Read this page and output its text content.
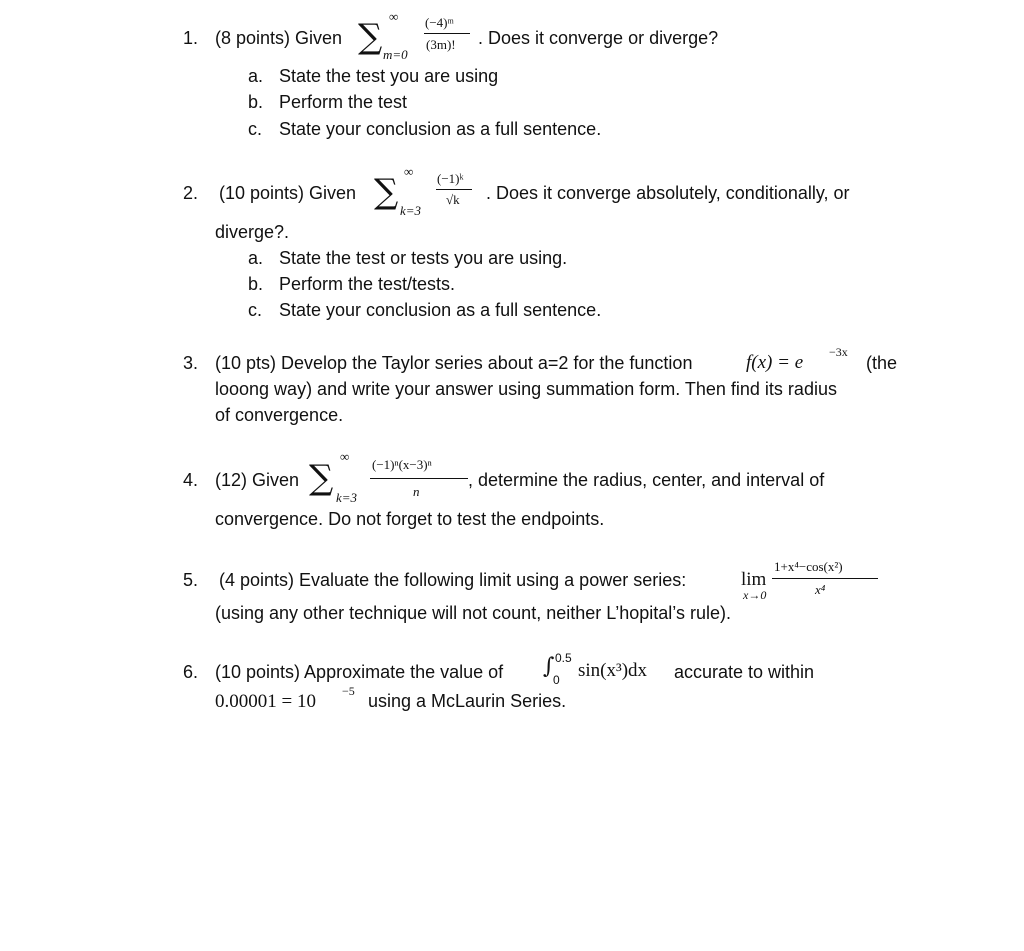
1. (8 points) Given ∑
∞
m=0
(−4)ᵐ
(3m)! . Does it converge or diverge?
a. State the test you are using
b. Perform the test
c. State your conclusion as a full sentence.
2. (10 points) Given ∑
∞
k=3
(−1)ᵏ
√k . Does it converge absolutely, conditionally, or
diverge?.
a. State the test or tests you are using.
b. Perform the test/tests.
c. State your conclusion as a full sentence.
3. (10 pts) Develop the Taylor series about a=2 for the function	f(x) = e −3x
(the
looong way) and write your answer using summation form. Then find its radius
of convergence.
4. (12) Given ∑
∞
k=3
(−1)ⁿ(x−3)ⁿ
n
, determine the radius, center, and interval of
convergence. Do not forget to test the endpoints.
5. (4 points) Evaluate the following limit using a power series:	lim
x→0
1+x⁴−cos(x²)
x⁴
(using any other technique will not count, neither L’hopital’s rule).
6. (10 points) Approximate the value of ∫ 0.5
0 sin(x³)dx accurate to within
0.00001 = 10 −5 using a McLaurin Series.
